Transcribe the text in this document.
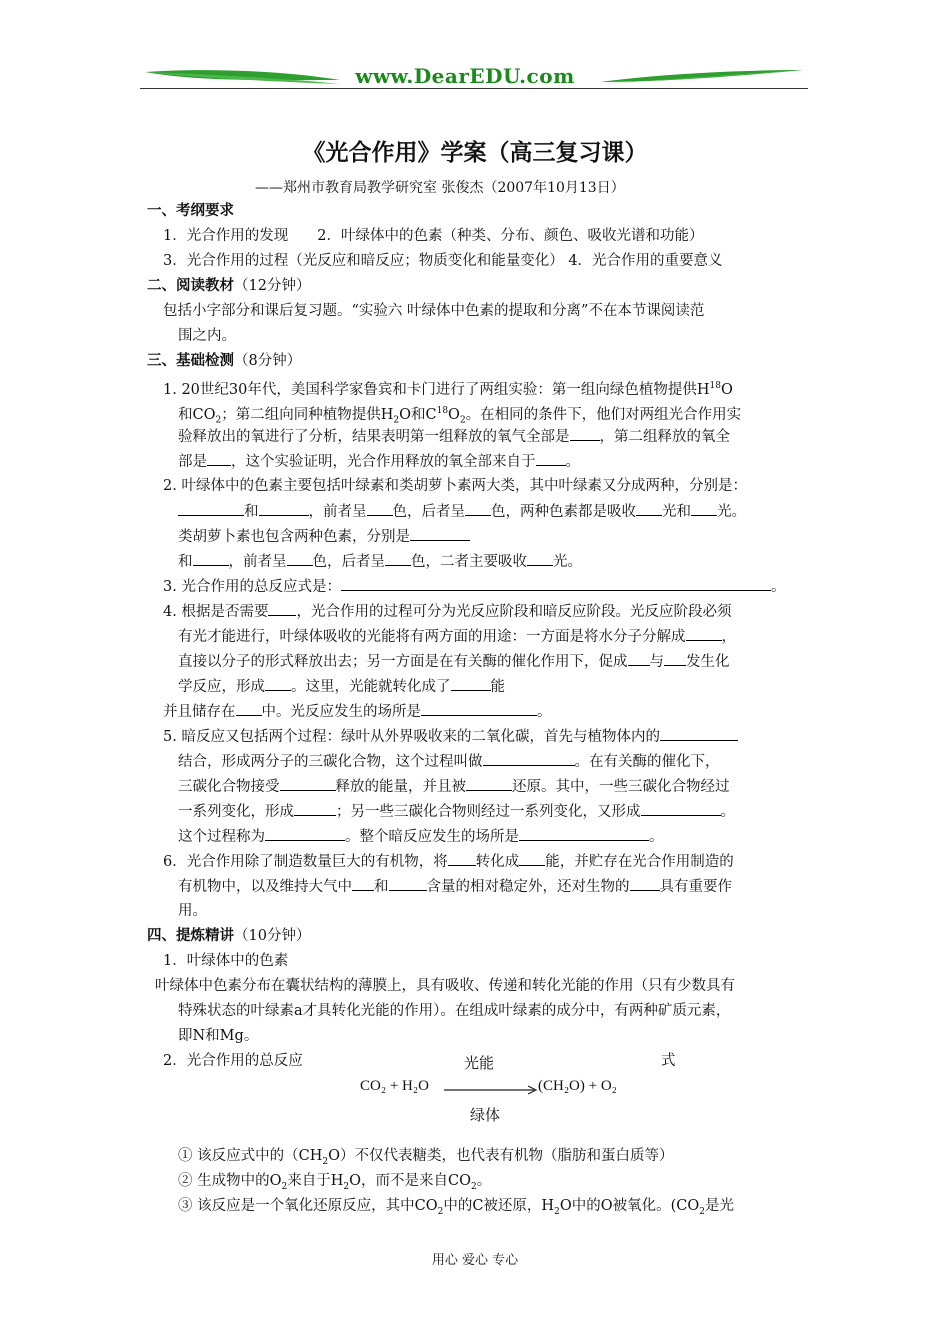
www.DearEDU.com
《光合作用》学案（高三复习课）
——郑州市教育局教学研究室 张俊杰（2007年10月13日）
一、考纲要求
1．光合作用的发现　　2．叶绿体中的色素（种类、分布、颜色、吸收光谱和功能）
3．光合作用的过程（光反应和暗反应；物质变化和能量变化） 4．光合作用的重要意义
二、阅读教材（12分钟）
包括小字部分和课后复习题。“实验六 叶绿体中色素的提取和分离”不在本节课阅读范
围之内。
三、基础检测（8分钟）
1. 20世纪30年代，美国科学家鲁宾和卡门进行了两组实验：第一组向绿色植物提供$H^{18}O$
和$CO_2$；第二组向同种植物提供$H_2O$和$C^{18}O_2$。在相同的条件下，他们对两组光合作用实
验释放出的氧进行了分析，结果表明第一组释放的氧气全部是 ，第二组释放的氧全
部是 ，这个实验证明，光合作用释放的氧全部来自于 。
2. 叶绿体中的色素主要包括叶绿素和类胡萝卜素两大类，其中叶绿素又分成两种，分别是：
和	，前者呈 色，后者呈 色，两种色素都是吸收 光和 光。
类胡萝卜素也包含两种色素，分别是
和 ，前者呈 色，后者呈 色，二者主要吸收 光。
3. 光合作用的总反应式是：	。
4. 根据是否需要 ，光合作用的过程可分为光反应阶段和暗反应阶段。光反应阶段必须
有光才能进行，叶绿体吸收的光能将有两方面的用途：一方面是将水分子分解成 ，
直接以分子的形式释放出去；另一方面是在有关酶的催化作用下，促成 与 发生化
学反应，形成 。这里，光能就转化成了	能
并且储存在 中。光反应发生的场所是	。
5. 暗反应又包括两个过程：绿叶从外界吸收来的二氧化碳，首先与植物体内的
结合，形成两分子的三碳化合物，这个过程叫做	。在有关酶的催化下，
三碳化合物接受	释放的能量，并且被	还原。其中，一些三碳化合物经过
一系列变化，形成	；另一些三碳化合物则经过一系列变化，又形成	。
这个过程称为	。整个暗反应发生的场所是	。
6．光合作用除了制造数量巨大的有机物，将 转化成 能，并贮存在光合作用制造的
有机物中，以及维持大气中 和	含量的相对稳定外，还对生物的 具有重要作
用。
四、提炼精讲（10分钟）
1．叶绿体中的色素
叶绿体中色素分布在囊状结构的薄膜上，具有吸收、传递和转化光能的作用（只有少数具有
特殊状态的叶绿素a才具转化光能的作用）。在组成叶绿素的成分中，有两种矿质元素，
即N和Mg。
2．光合作用的总反应	式
光能
CO₂ + H₂O	(CH₂O) + O₂
绿体
① 该反应式中的$(CH_2O)$不仅代表糖类，也代表有机物（脂肪和蛋白质等）
② 生成物中的$O_2$来自于$H_2O$，而不是来自$CO_2$。
③ 该反应是一个氧化还原反应，其中$CO_2$中的C被还原，$H_2O$中的O被氧化。($CO_2$是光
用心 爱心 专心
